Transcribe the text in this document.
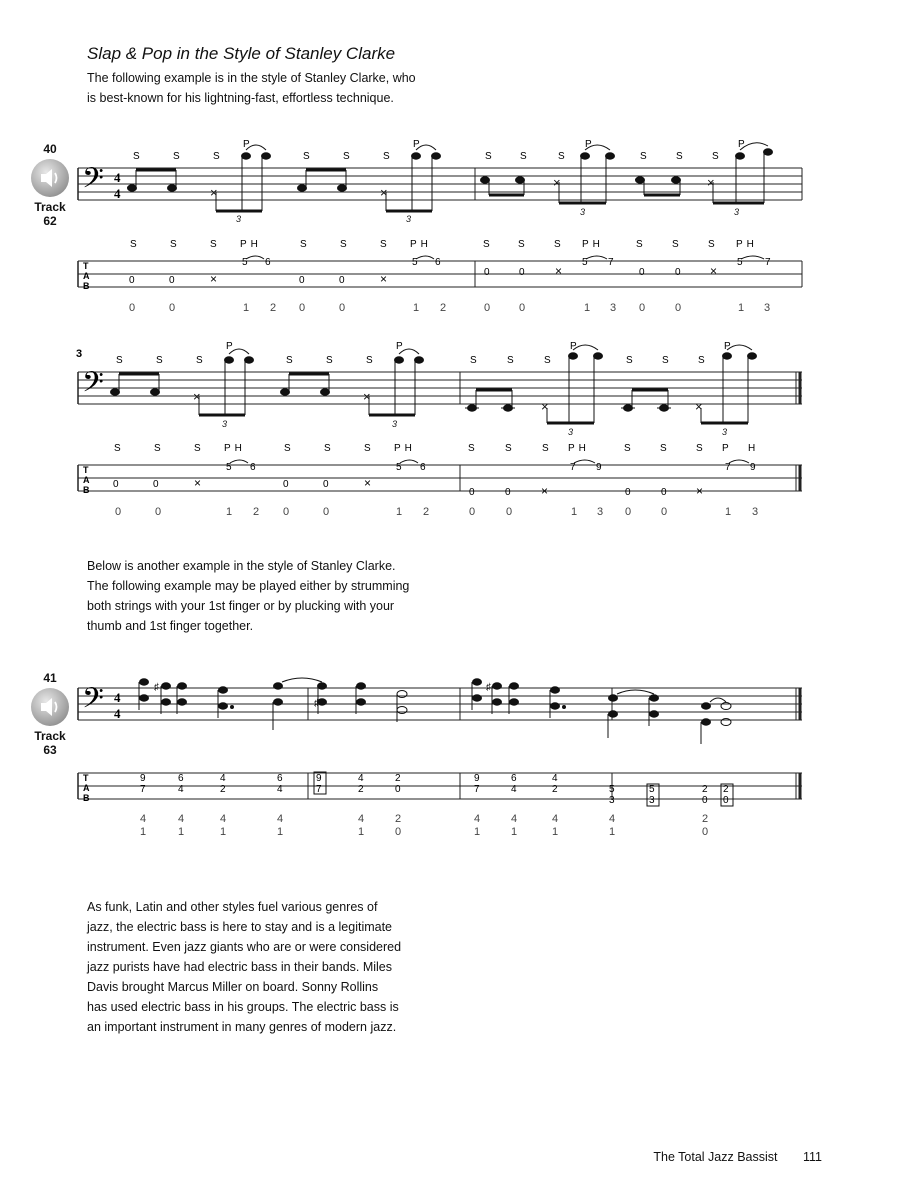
Slap & Pop in the Style of Stanley Clarke

The following example is in the style of Stanley Clarke, who

is best-known for his lightning-fast, effortless technique.

40
Track
62
𝄢 4
4
T
A
B
S	S	S
P
S	S	S
P
S	S	S
P
S	S	S
P
×
3
×
3
×
3
×
3
S	S	S PH	S	S	S PH	S	S	S PH	S	S	S PH
5 6	5 6	5 7	5 7
0	0	×	0	0	×	0	0	×	0	0 ×
0	0	1 2 0	0	1 2	0	0	1 3 0	0	1 3
3
𝄢
T
A
B
S	S	S
P
S	S	S
P
S	S	S
P
S	S	S
P
×
3
×
3
×
3
×
3
S	S	S PH	S	S	S PH	S	S	S PH	S	S	S P H
5 6	5 6	7 9	7 9
0	0	×	0	0	×
0	0	×	0	0 ×
0	0	1 2 0	0	1 2	0	0	1 3 0	0	1 3

Below is another example in the style of Stanley Clarke.

The following example may be played either by strumming

both strings with your 1st finger or by plucking with your

thumb and 1st finger together.

41
Track
63
𝄢 4
4
♯
♯
♯
T
A
B
9
7
6
4
4
2
6
4
9
7
4
2
2
0
9
7
6
4
4
2	5
3
5
3
2
0
2
0
4
1
4
1
4
1
4
1
4
1
2
0
4
1
4
1
4
1
4
1
2
0

As funk, Latin and other styles fuel various genres of

jazz, the electric bass is here to stay and is a legitimate

instrument. Even jazz giants who are or were considered

jazz purists have had electric bass in their bands. Miles

Davis brought Marcus Miller on board. Sonny Rollins

has used electric bass in his groups. The electric bass is

an important instrument in many genres of modern jazz.

The Total Jazz Bassist 111
